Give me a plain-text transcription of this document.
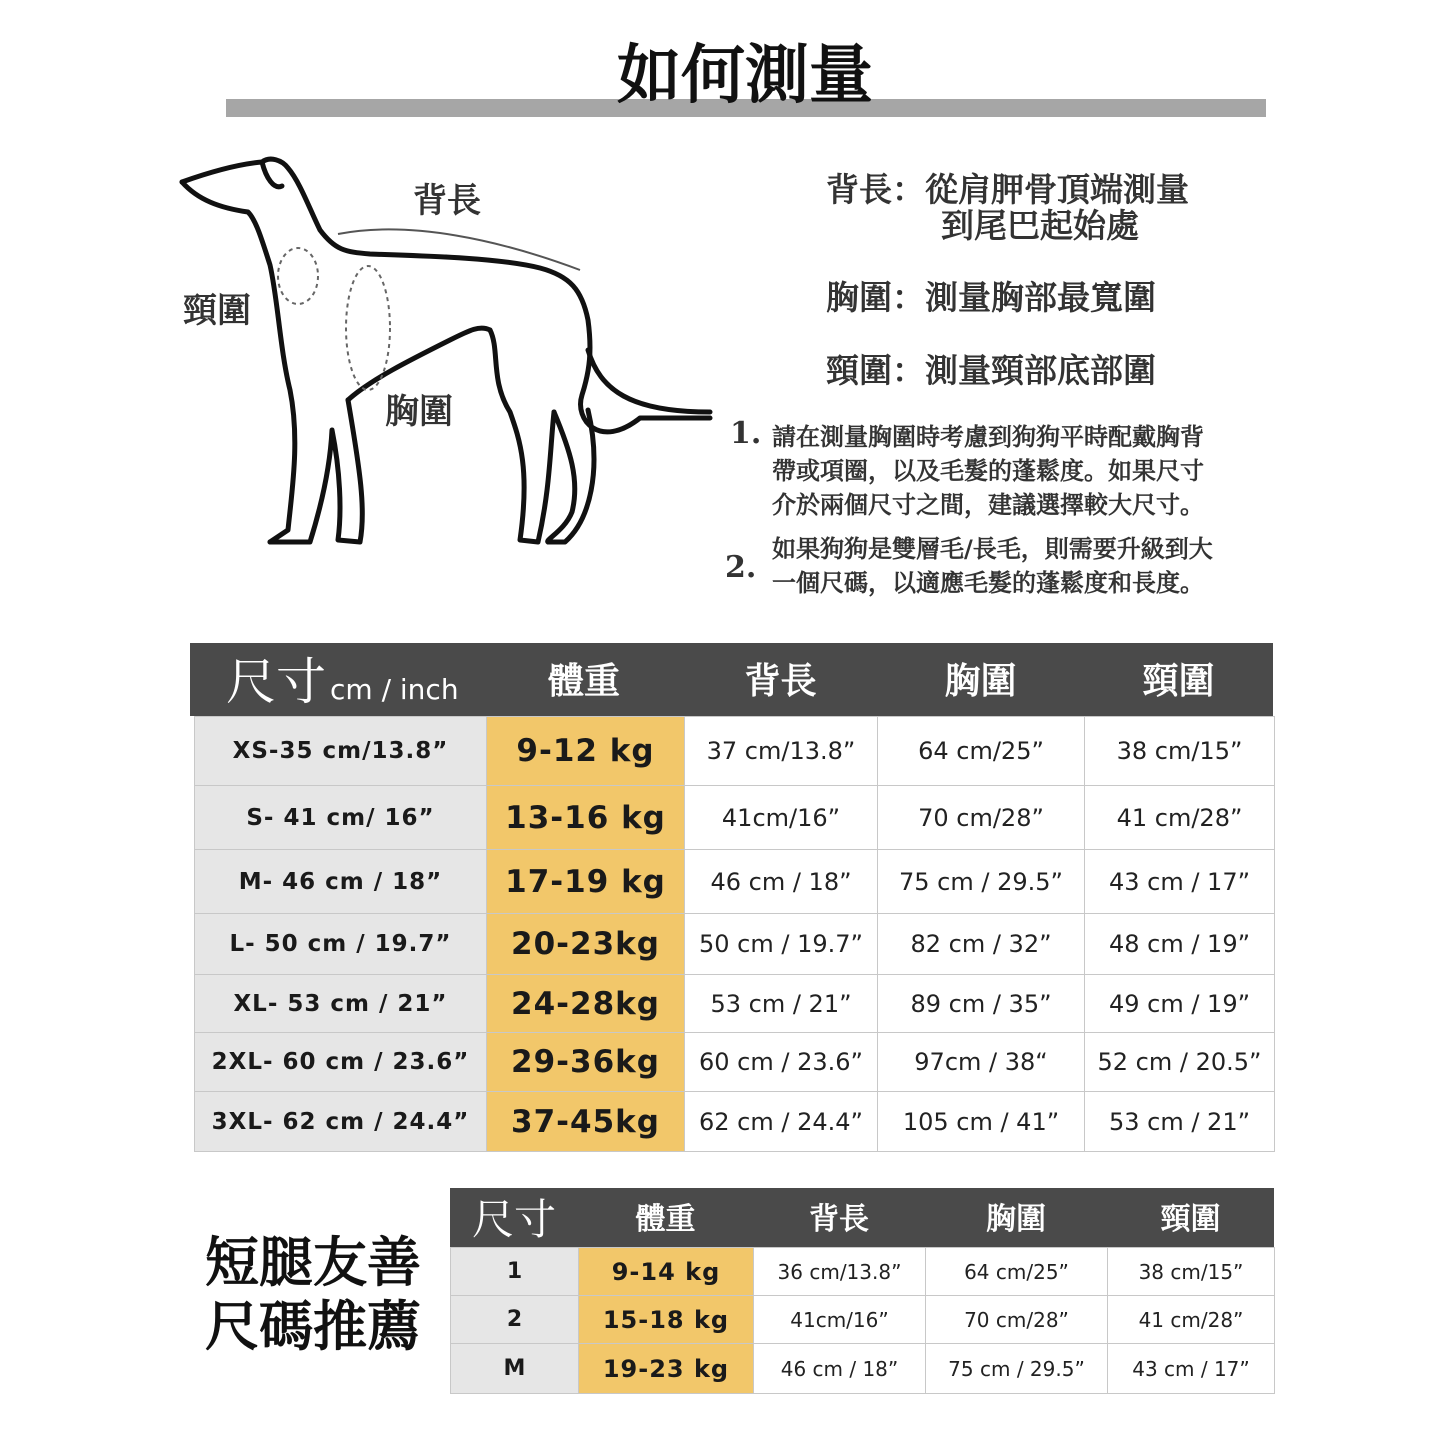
如何測量
背長
頸圍
胸圍
背長：從肩胛骨頂端測量
到尾巴起始處
胸圍：測量胸部最寬圍
頸圍：測量頸部底部圍
1. 請在測量胸圍時考慮到狗狗平時配戴胸背
帶或項圈，以及毛髮的蓬鬆度。如果尺寸
介於兩個尺寸之間，建議選擇較大尺寸。
2.
如果狗狗是雙層毛/長毛，則需要升級到大
一個尺碼，以適應毛髮的蓬鬆度和長度。
尺寸 cm / inch	體重	背長	胸圍	頸圍
XS-35 cm/13.8”	9-12 kg	37 cm/13.8”	64 cm/25”	38 cm/15”
S- 41 cm/ 16”	13-16 kg	41cm/16”	70 cm/28”	41 cm/28”
M- 46 cm / 18”	17-19 kg	46 cm / 18”	75 cm / 29.5”	43 cm / 17”
L- 50 cm / 19.7”	20-23kg	50 cm / 19.7”	82 cm / 32”	48 cm / 19”
XL- 53 cm / 21”	24-28kg	53 cm / 21”	89 cm / 35”	49 cm / 19”
2XL- 60 cm / 23.6”	29-36kg	60 cm / 23.6”	97cm / 38“	52 cm / 20.5”
3XL- 62 cm / 24.4”	37-45kg	62 cm / 24.4”	105 cm / 41”	53 cm / 21”
短腿友善
尺碼推薦
尺寸	體重	背長	胸圍	頸圍
1	9-14 kg	36 cm/13.8”	64 cm/25”	38 cm/15”
2	15-18 kg	41cm/16”	70 cm/28”	41 cm/28”
M	19-23 kg	46 cm / 18”	75 cm / 29.5”	43 cm / 17”
